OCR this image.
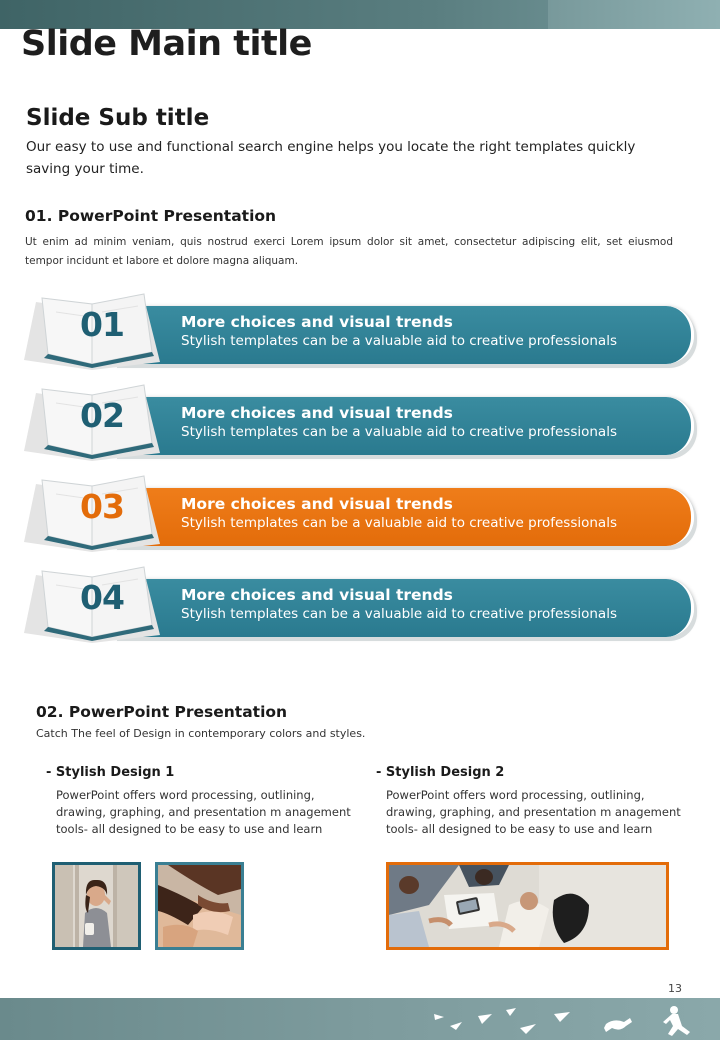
Slide Main title
Slide Sub title
Our easy to use and functional search engine helps you locate the right templates quickly saving your time.
01. PowerPoint Presentation
Ut enim ad minim veniam, quis nostrud exerci Lorem ipsum dolor sit amet, consectetur adipiscing elit, set eiusmod tempor incidunt et labore et dolore magna aliquam.
01	More choices and visual trends
Stylish templates can be a valuable aid to creative professionals
02	More choices and visual trends
Stylish templates can be a valuable aid to creative professionals
03	More choices and visual trends
Stylish templates can be a valuable aid to creative professionals
04	More choices and visual trends
Stylish templates can be a valuable aid to creative professionals
02. PowerPoint Presentation
Catch The feel of Design in contemporary colors and styles.
- Stylish Design 1
PowerPoint offers word processing, outlining, drawing, graphing, and presentation m anagement tools- all designed to be easy to use and learn
- Stylish Design 2
PowerPoint offers word processing, outlining, drawing, graphing, and presentation m anagement tools- all designed to be easy to use and learn
13
